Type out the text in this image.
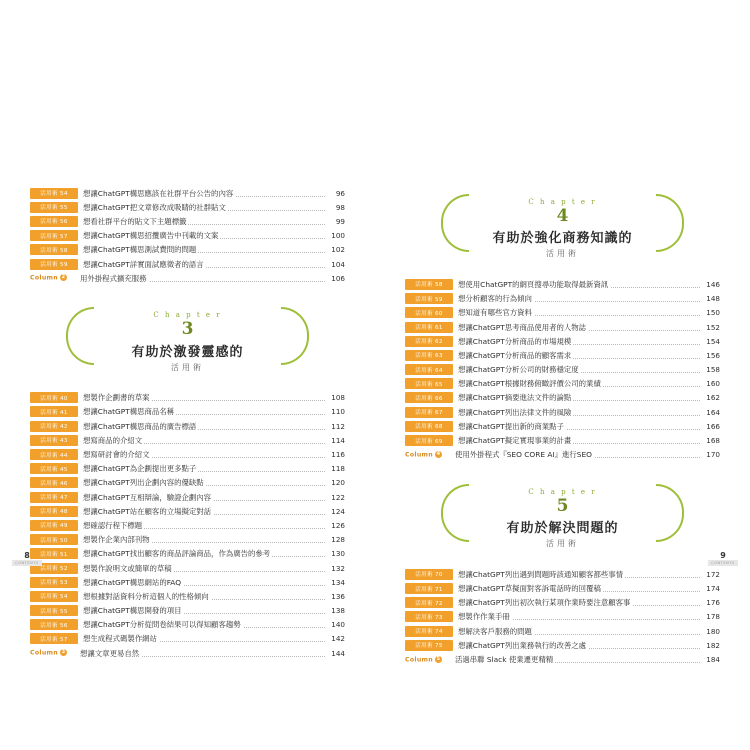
活用術 54	想讓ChatGPT構思應該在社群平台公告的內容	96
活用術 55	想讓ChatGPT把文章修改成吸睛的社群貼文	98
活用術 56	想看社群平台的貼文下主題標籤	99
活用術 57	想讓ChatGPT構思招攬廣告中刊載的文案	100
活用術 58	想讓ChatGPT構思測試費問的問題	102
活用術 59	想讓ChatGPT詳實面試應徵者的語言	104
Column 2	用外掛程式擴充服務	106
C h a p t e r
3
有助於激發靈感的
活用術
活用術 40	想製作企劃書的草案	108
活用術 41	想讓ChatGPT構思商品名稱	110
活用術 42	想讓ChatGPT構思商品的廣告標語	112
活用術 43	想寫商品的介紹文	114
活用術 44	想寫研討會的介紹文	116
活用術 45	想讓ChatGPT為企劃提出更多點子	118
活用術 46	想讓ChatGPT列出企劃內容的優缺點	120
活用術 47	想讓ChatGPT互相辯論，驗證企劃內容	122
活用術 48	想讓ChatGPT站在顧客的立場擬定對話	124
活用術 49	想確認行程下標題	126
活用術 50	想製作企業內部刊物	128
活用術 51	想讓ChatGPT找出顧客的商品評論商品，作為廣告的參考	130
活用術 52	想製作說明文或簡單的草稿	132
活用術 53	想讓ChatGPT構思網站的FAQ	134
活用術 54	想根據對話資料分析這個人的性格傾向	136
活用術 55	想讓ChatGPT構思開發的項目	138
活用術 56	想讓ChatGPT分析從問卷結果可以得知顧客趨勢	140
活用術 57	想生成程式碼製作網站	142
Column 3	想讓文章更易自然	144
8
CONTENTS
C h a p t e r
4
有助於強化商務知識的
活用術
活用術 58	想使用ChatGPT的網頁搜尋功能取得最新資訊	146
活用術 59	想分析顧客的行為傾向	148
活用術 60	想知道有哪些官方資料	150
活用術 61	想讓ChatGPT思考商品使用者的人物誌	152
活用術 62	想讓ChatGPT分析商品的市場規模	154
活用術 63	想讓ChatGPT分析商品的顧客需求	156
活用術 64	想讓ChatGPT分析公司的財務穩定度	158
活用術 65	想讓ChatGPT根據財務俯瞰評價公司的業績	160
活用術 66	想讓ChatGPT摘要進法文件的論點	162
活用術 67	想讓ChatGPT列出法律文件的風險	164
活用術 68	想讓ChatGPT提出新的商業點子	166
活用術 69	想讓ChatGPT擬定實現事業的計畫	168
Column 4	使用外掛程式『SEO CORE AI』進行SEO	170
C h a p t e r
5
有助於解決問題的
活用術
活用術 70	想讓ChatGPT列出遇到問題時該通知顧客都些事情	172
活用術 71	想讓ChatGPT草擬面對客訴電話時的回覆稿	174
活用術 72	想讓ChatGPT列出初次執行某項作業時要注意顧客事	176
活用術 73	想製作作業手冊	178
活用術 74	想解決客戶服務的問題	180
活用術 75	想讓ChatGPT列出業務執行的改善之處	182
Column 5	活過串聯 Slack 使業遷更精精	184
9
CONTENTS
